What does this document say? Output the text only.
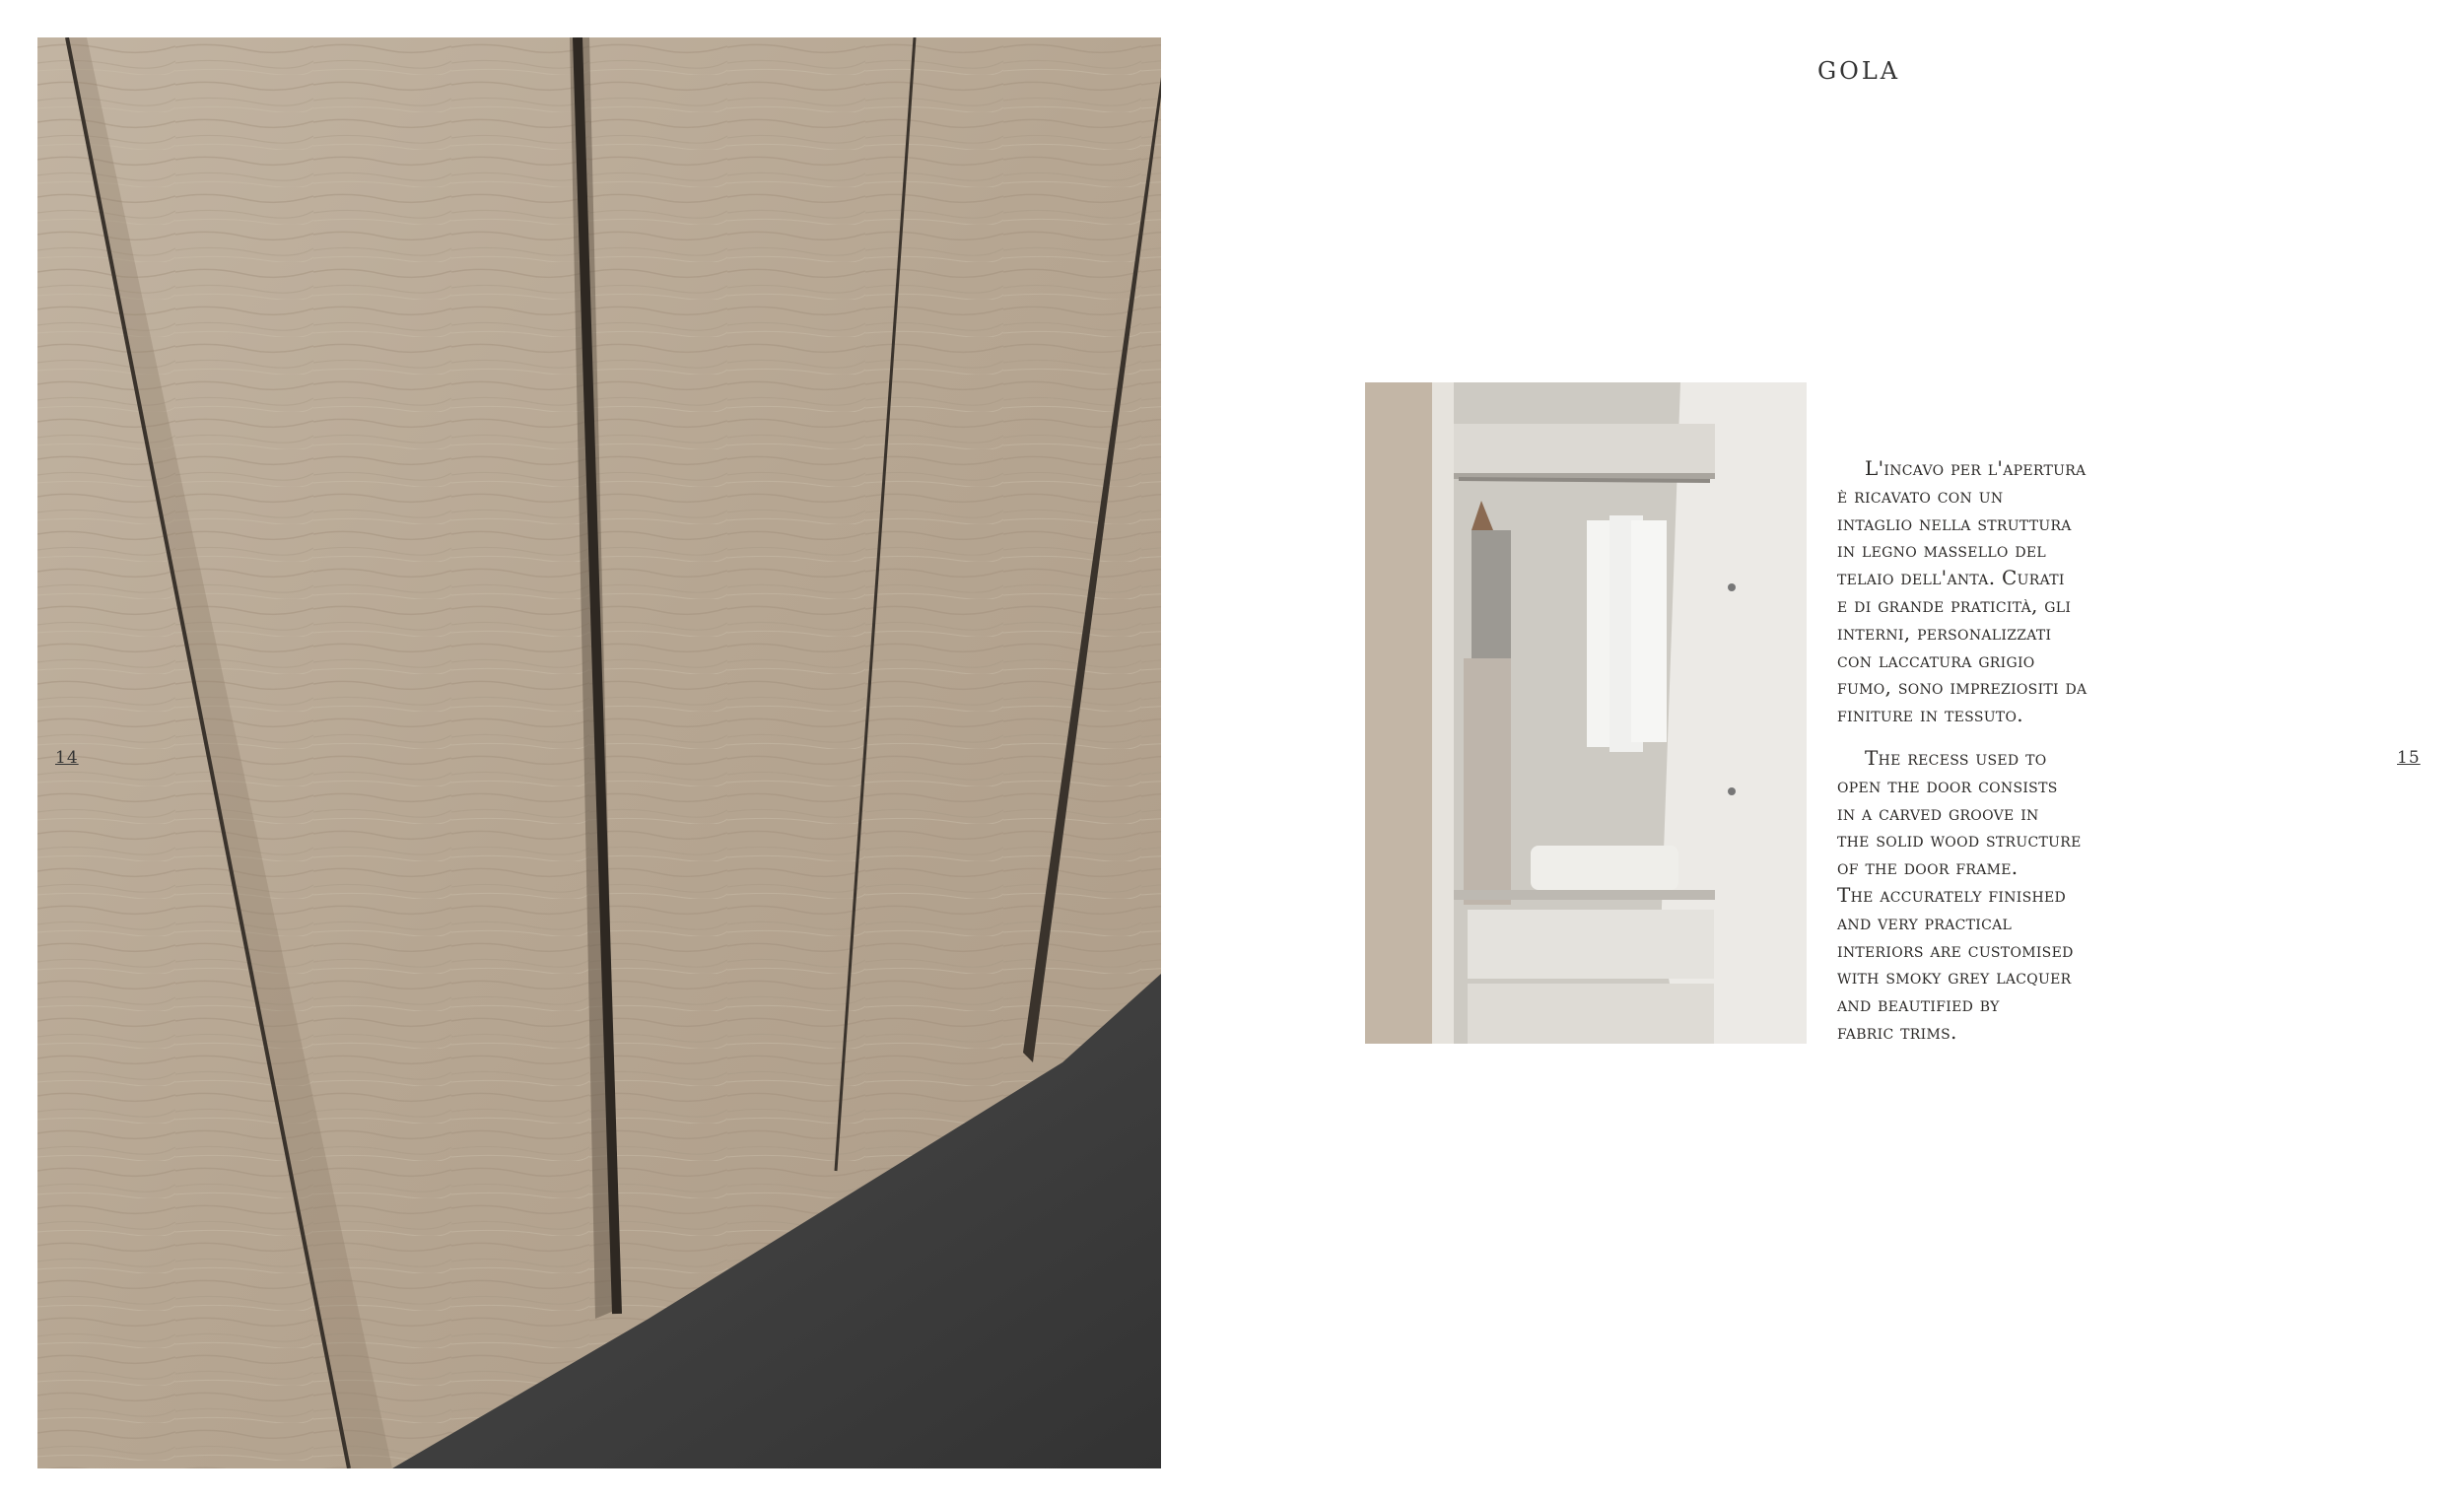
14
GOLA

L'incavo per l'apertura
è ricavato con un
intaglio nella struttura
in legno massello del
telaio dell'anta. Curati
e di grande praticità, gli
interni, personalizzati
con laccatura grigio
fumo, sono impreziositi da
finiture in tessuto.

The recess used to
open the door consists
in a carved groove in
the solid wood structure
of the door frame.
The accurately finished
and very practical
interiors are customised
with smoky grey lacquer
and beautified by
fabric trims.

15
